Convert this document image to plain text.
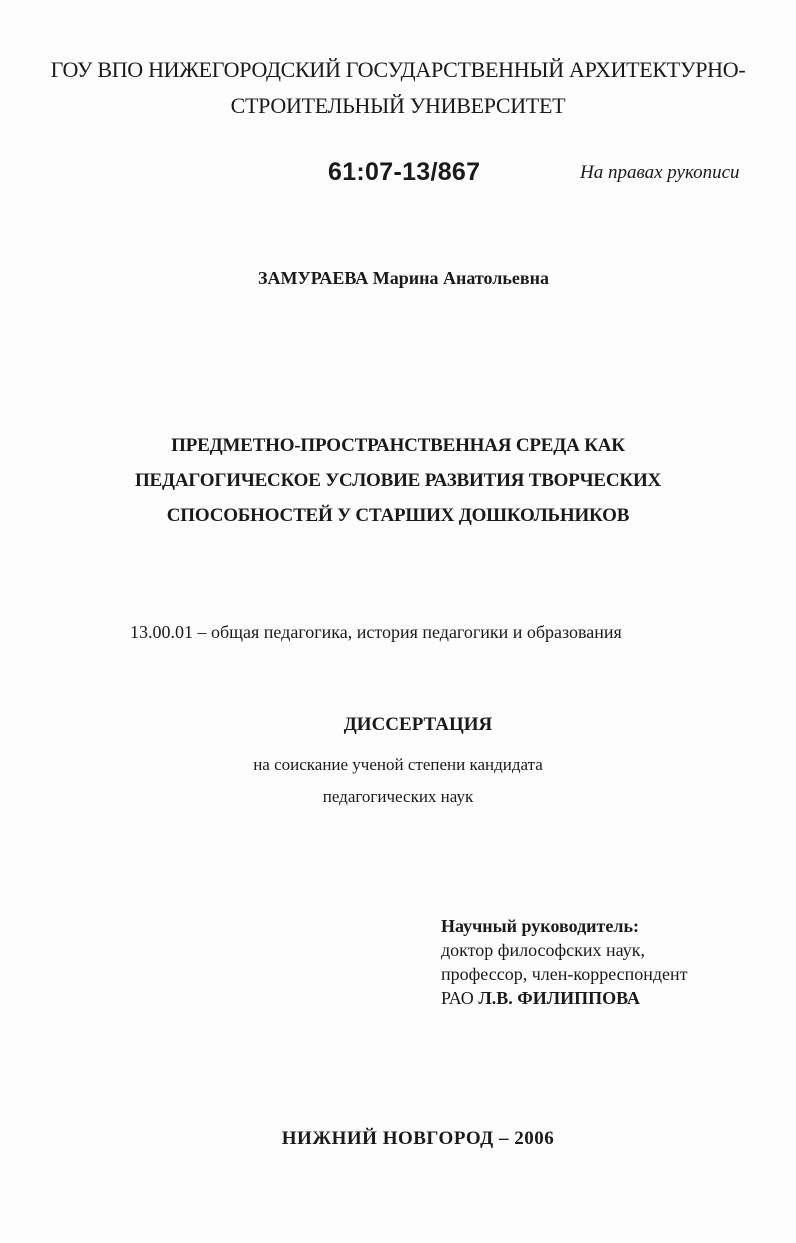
ГОУ ВПО НИЖЕГОРОДСКИЙ ГОСУДАРСТВЕННЫЙ АРХИТЕКТУРНО-
СТРОИТЕЛЬНЫЙ УНИВЕРСИТЕТ
61:07-13/867	На правах рукописи
ЗАМУРАЕВА Марина Анатольевна
ПРЕДМЕТНО-ПРОСТРАНСТВЕННАЯ СРЕДА КАК
ПЕДАГОГИЧЕСКОЕ УСЛОВИЕ РАЗВИТИЯ ТВОРЧЕСКИХ
СПОСОБНОСТЕЙ У СТАРШИХ ДОШКОЛЬНИКОВ
13.00.01 – общая педагогика, история педагогики и образования
ДИССЕРТАЦИЯ
на соискание ученой степени кандидата
педагогических наук
Научный руководитель:
доктор философских наук,
профессор, член-корреспондент
РАО Л.В. ФИЛИППОВА
НИЖНИЙ НОВГОРОД – 2006
